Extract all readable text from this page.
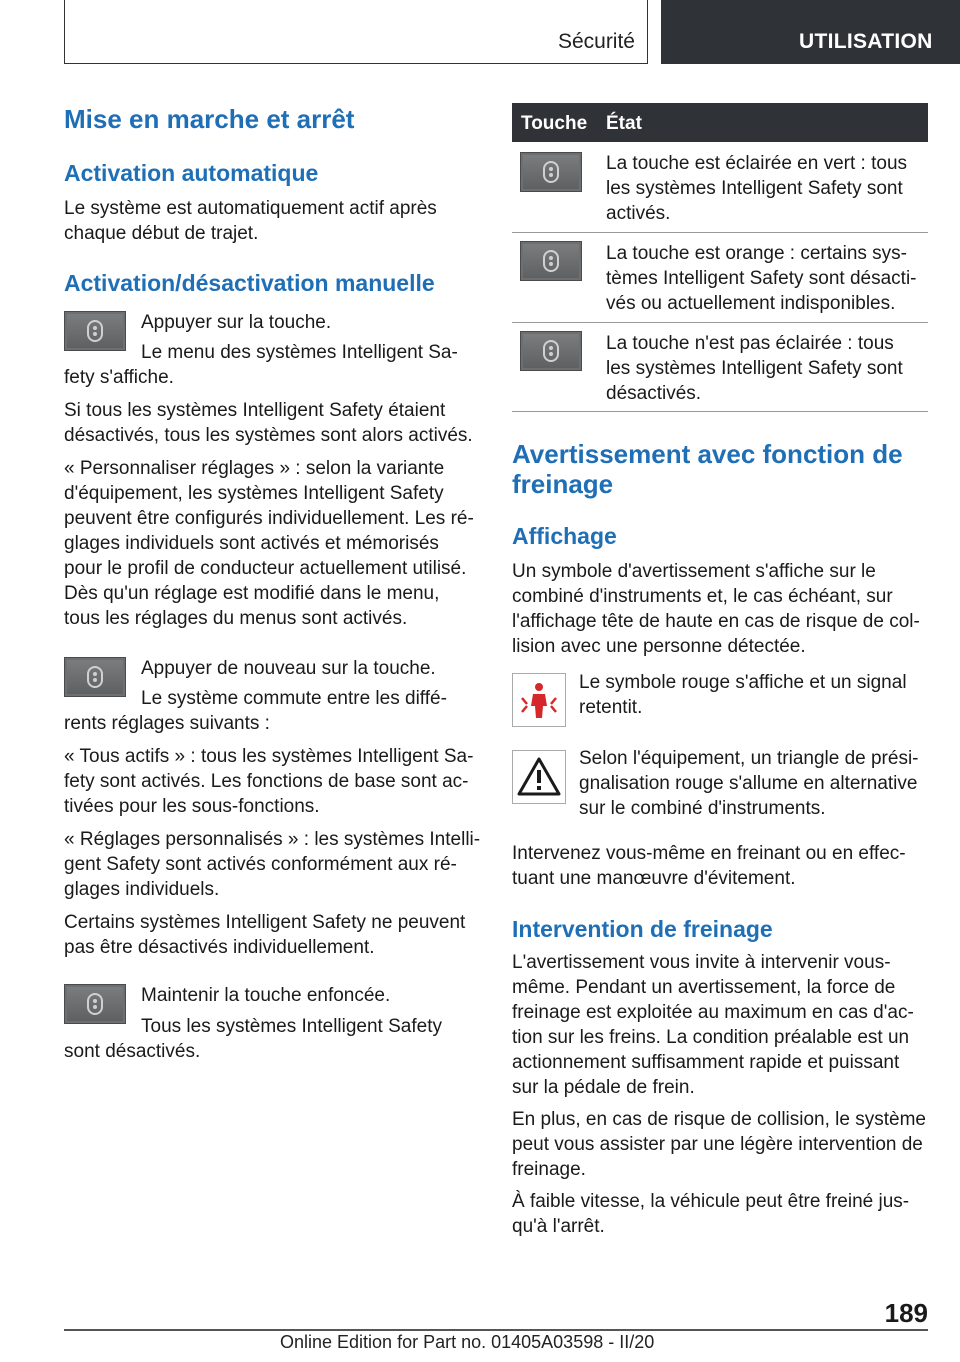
Sécurité	UTILISATION
Mise en marche et arrêt
Activation automatique
Le système est automatiquement actif après
chaque début de trajet.
Activation/désactivation manuelle
Appuyer sur la touche.
Le menu des systèmes Intelligent Sa-
fety s'affiche.
Si tous les systèmes Intelligent Safety étaient
désactivés, tous les systèmes sont alors activés.
« Personnaliser réglages » : selon la variante
d'équipement, les systèmes Intelligent Safety
peuvent être configurés individuellement. Les ré-
glages individuels sont activés et mémorisés
pour le profil de conducteur actuellement utilisé.
Dès qu'un réglage est modifié dans le menu,
tous les réglages du menus sont activés.
Appuyer de nouveau sur la touche.
Le système commute entre les diffé-
rents réglages suivants :
« Tous actifs » : tous les systèmes Intelligent Sa-
fety sont activés. Les fonctions de base sont ac-
tivées pour les sous-fonctions.
« Réglages personnalisés » : les systèmes Intelli-
gent Safety sont activés conformément aux ré-
glages individuels.
Certains systèmes Intelligent Safety ne peuvent
pas être désactivés individuellement.
Maintenir la touche enfoncée.
Tous les systèmes Intelligent Safety
sont désactivés.
Touche État
La touche est éclairée en vert : tous
les systèmes Intelligent Safety sont
activés.
La touche est orange : certains sys-
tèmes Intelligent Safety sont désacti-
vés ou actuellement indisponibles.
La touche n'est pas éclairée : tous
les systèmes Intelligent Safety sont
désactivés.
Avertissement avec fonction de
freinage
Affichage
Un symbole d'avertissement s'affiche sur le
combiné d'instruments et, le cas échéant, sur
l'affichage tête de haute en cas de risque de col-
lision avec une personne détectée.
Le symbole rouge s'affiche et un signal
retentit.
Selon l'équipement, un triangle de prési-
gnalisation rouge s'allume en alternative
sur le combiné d'instruments.
Intervenez vous-même en freinant ou en effec-
tuant une manœuvre d'évitement.
Intervention de freinage
L'avertissement vous invite à intervenir vous-
même. Pendant un avertissement, la force de
freinage est exploitée au maximum en cas d'ac-
tion sur les freins. La condition préalable est un
actionnement suffisamment rapide et puissant
sur la pédale de frein.
En plus, en cas de risque de collision, le système
peut vous assister par une légère intervention de
freinage.
À faible vitesse, la véhicule peut être freiné jus-
qu'à l'arrêt.
189
Online Edition for Part no. 01405A03598 - II/20
